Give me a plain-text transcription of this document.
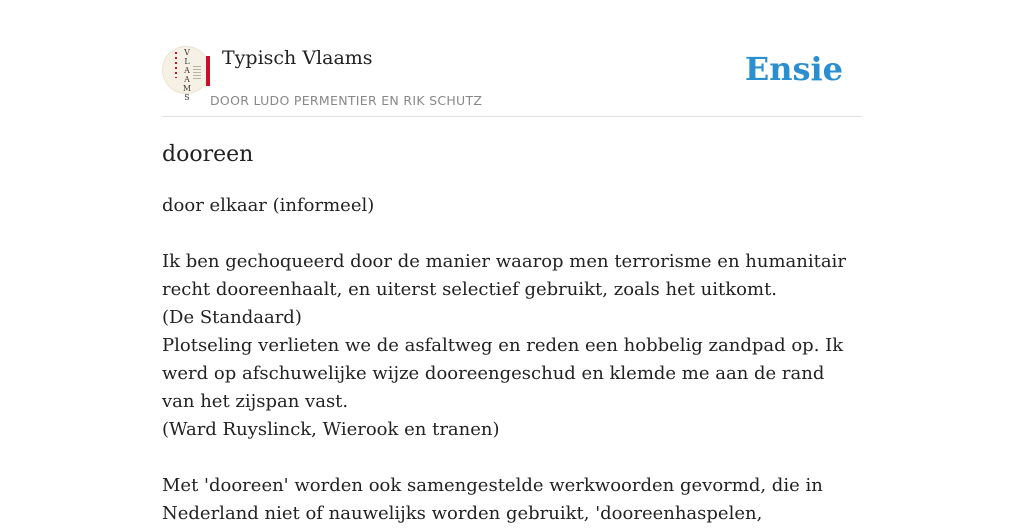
V
L
A
A
M
S
Typisch Vlaams
DOOR LUDO PERMENTIER EN RIK SCHUTZ
Ensie
dooreen

door elkaar (informeel)

Ik ben gechoqueerd door de manier waarop men terrorisme en humanitair recht dooreenhaalt, en uiterst selectief gebruikt, zoals het uitkomt.

(De Standaard)

Plotseling verlieten we de asfaltweg en reden een hobbelig zandpad op. Ik werd op afschuwelijke wijze dooreengeschud en klemde me aan de rand van het zijspan vast.

(Ward Ruyslinck, Wierook en tranen)

Met 'dooreen' worden ook samengestelde werkwoorden gevormd, die in Nederland niet of nauwelijks worden gebruikt, 'dooreenhaspelen,
